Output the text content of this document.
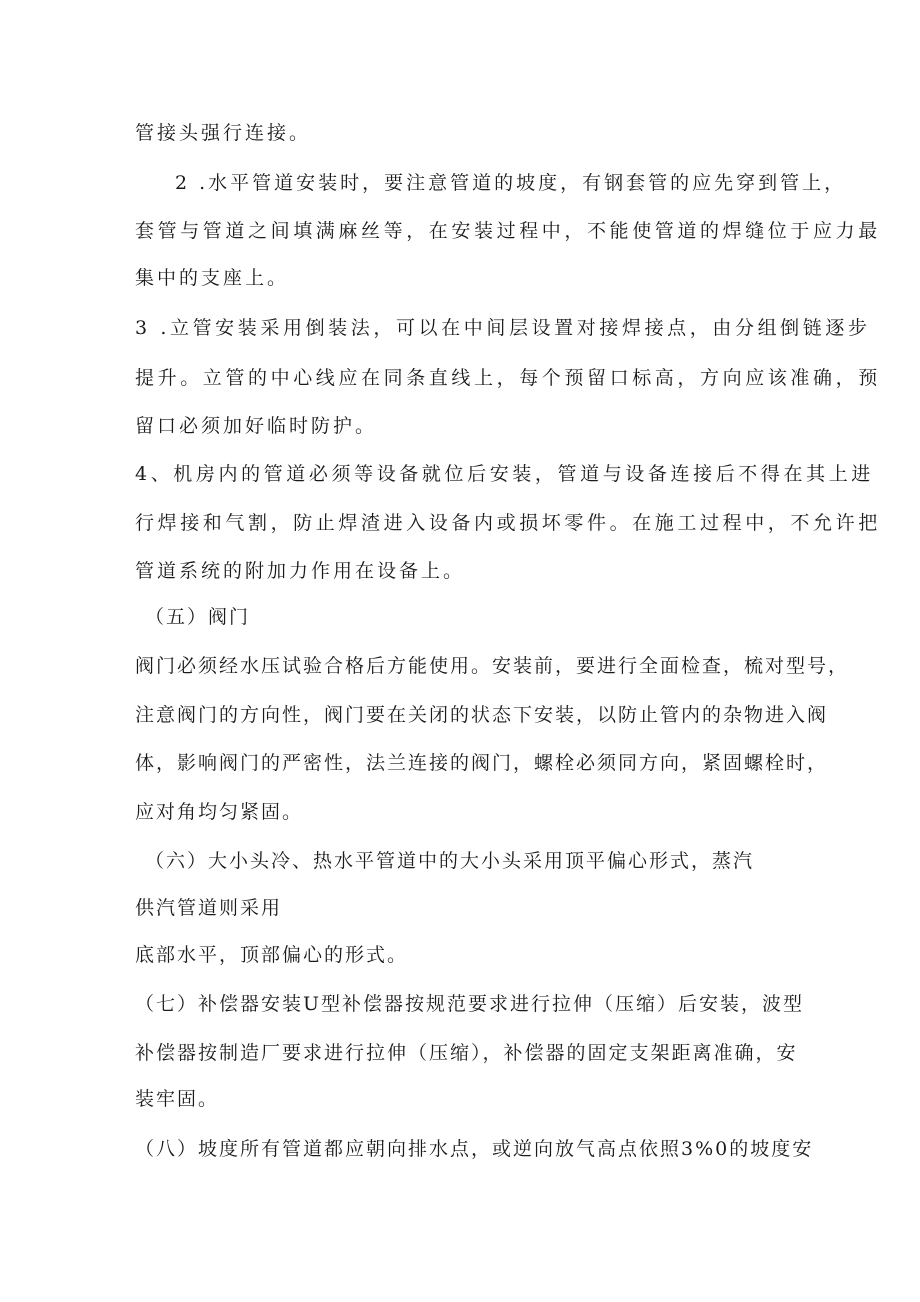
管接头强行连接。
2 .水平管道安装时，要注意管道的坡度，有钢套管的应先穿到管上，
套管与管道之间填满麻丝等，在安装过程中，不能使管道的焊缝位于应力最
集中的支座上。
3 .立管安装采用倒装法，可以在中间层设置对接焊接点，由分组倒链逐步
提升。立管的中心线应在同条直线上，每个预留口标高，方向应该准确，预
留口必须加好临时防护。
4、机房内的管道必须等设备就位后安装，管道与设备连接后不得在其上进
行焊接和气割，防止焊渣进入设备内或损坏零件。在施工过程中，不允许把
管道系统的附加力作用在设备上。
（五）阀门
阀门必须经水压试验合格后方能使用。安装前，要进行全面检查，梳对型号，
注意阀门的方向性，阀门要在关闭的状态下安装，以防止管内的杂物进入阀
体，影响阀门的严密性，法兰连接的阀门，螺栓必须同方向，紧固螺栓时，
应对角均匀紧固。
（六）大小头冷、热水平管道中的大小头采用顶平偏心形式，蒸汽
供汽管道则采用
底部水平，顶部偏心的形式。
（七）补偿器安装U型补偿器按规范要求进行拉伸（压缩）后安装，波型
补偿器按制造厂要求进行拉伸（压缩），补偿器的固定支架距离准确，安
装牢固。
（八）坡度所有管道都应朝向排水点，或逆向放气高点依照3%0的坡度安
